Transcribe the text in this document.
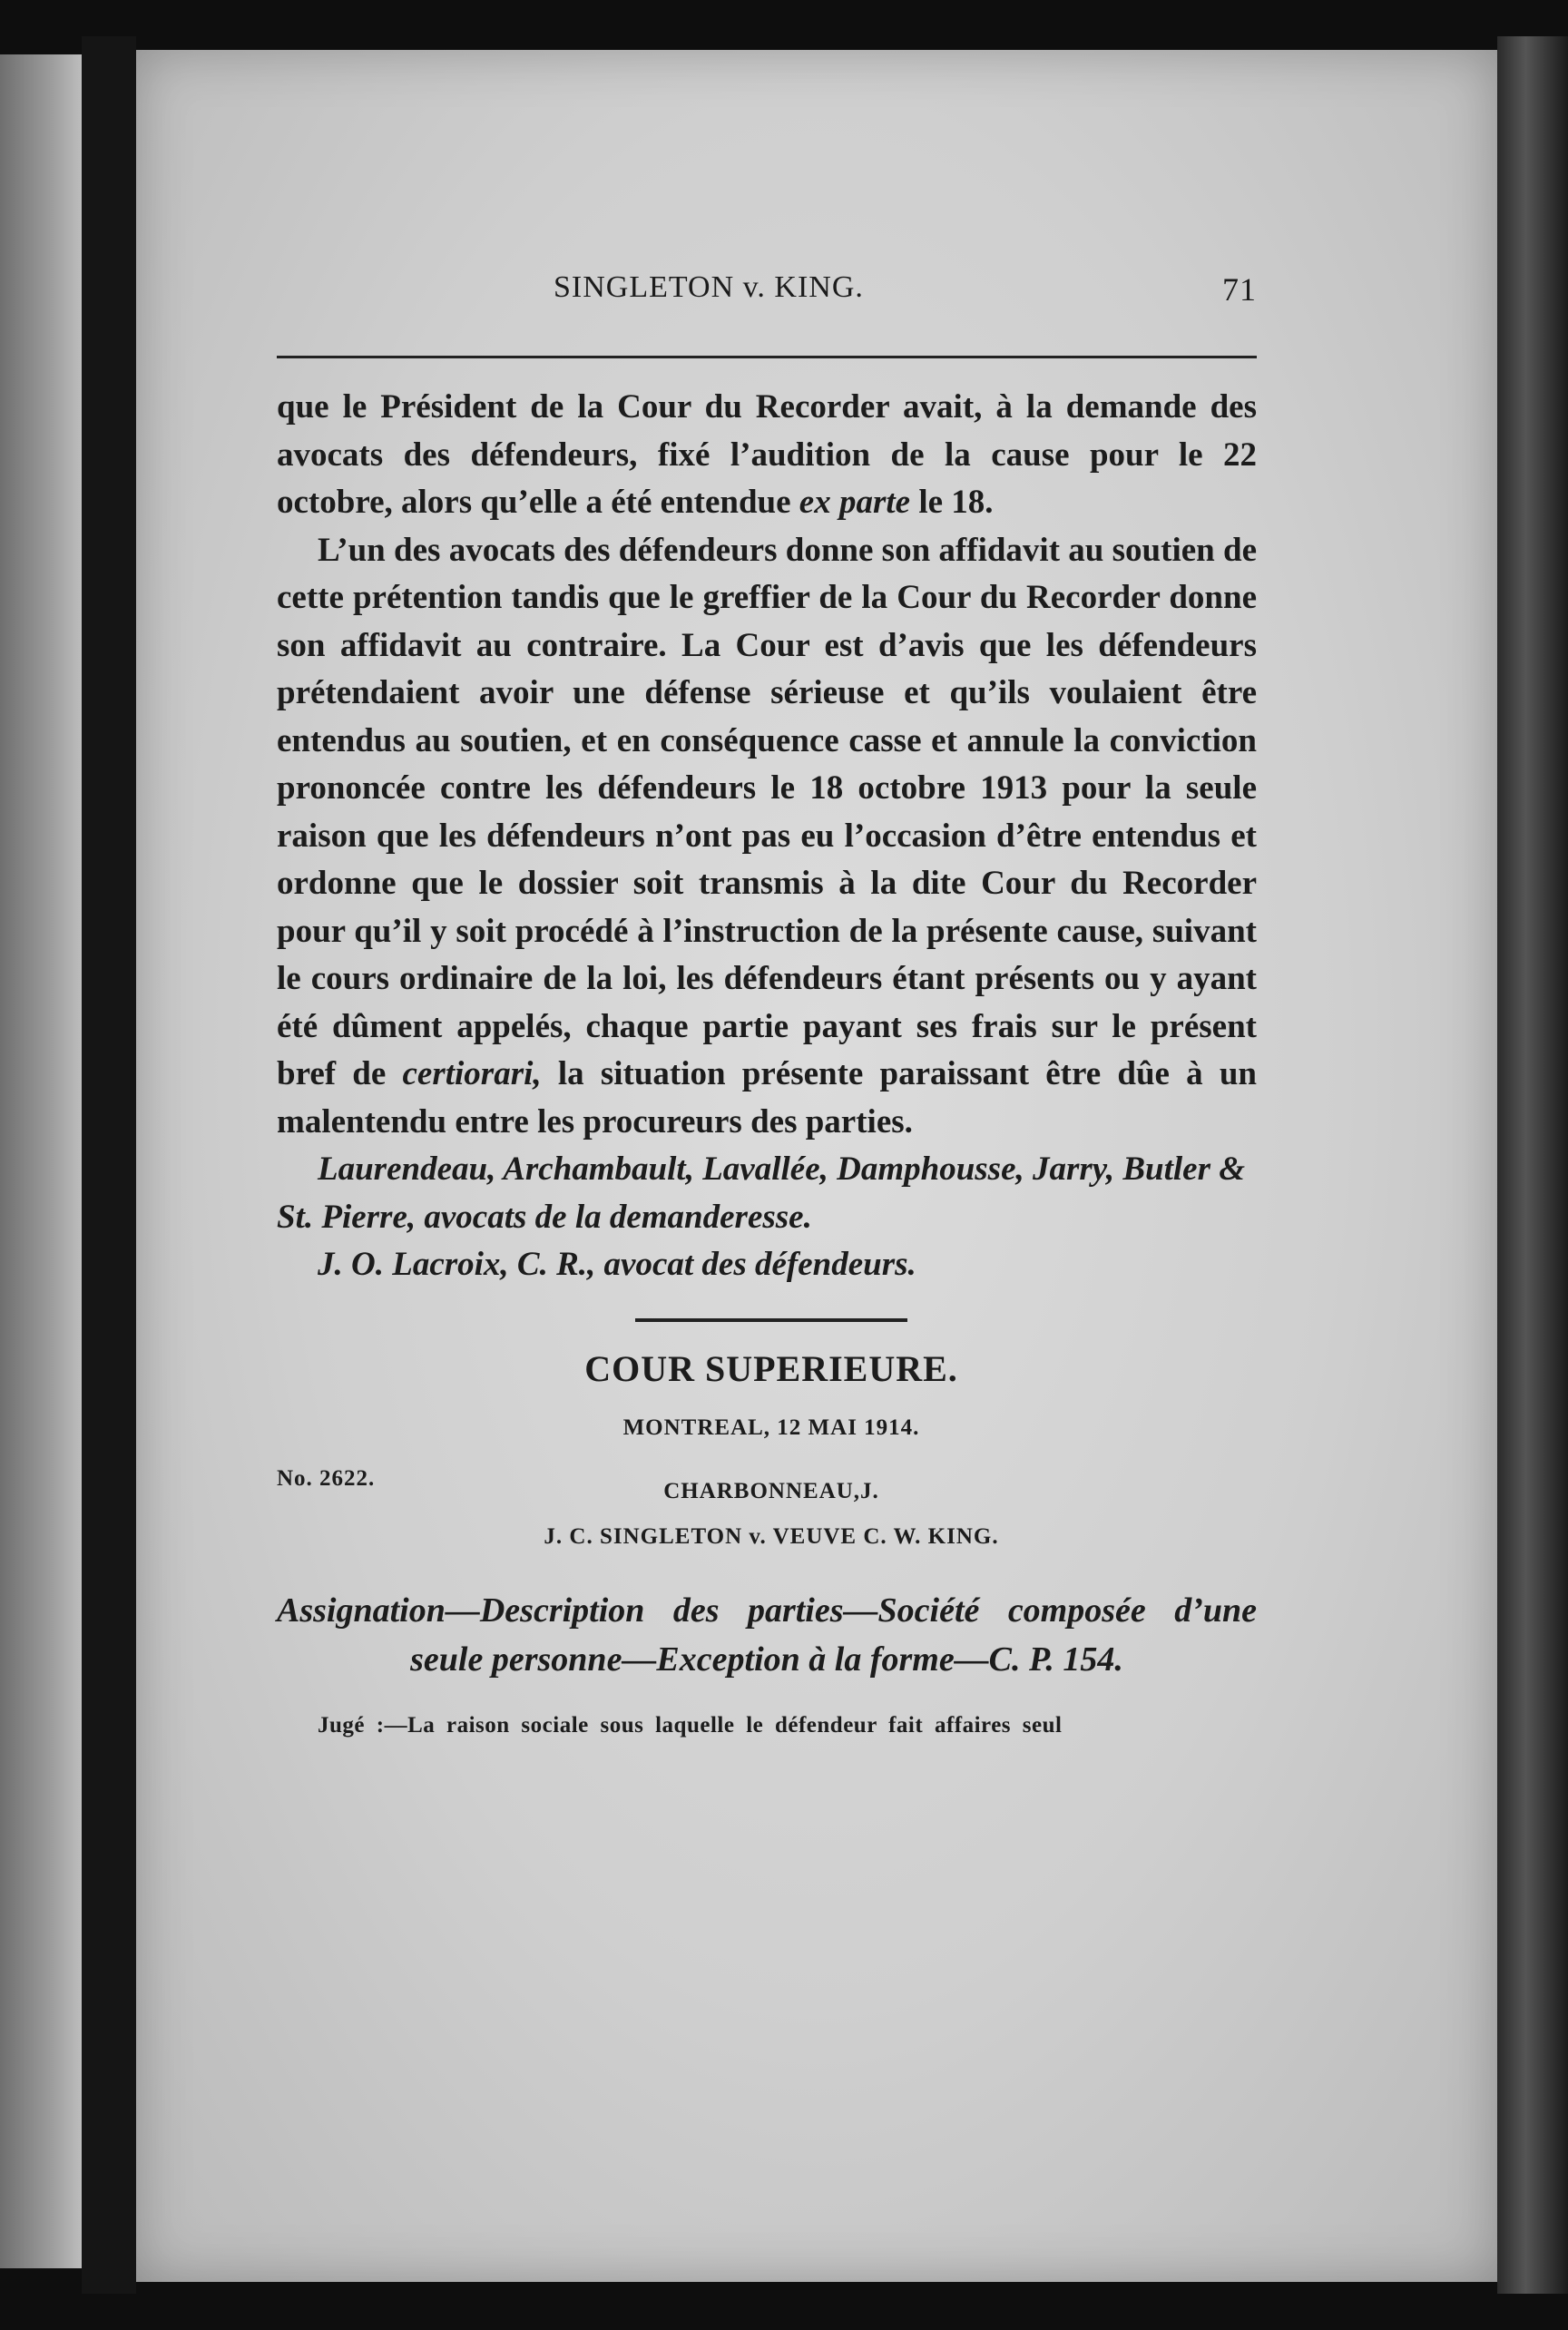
SINGLETON v. KING.	71

que le Président de la Cour du Recorder avait, à la demande des avocats des défendeurs, fixé l’audition de la cause pour le 22 octobre, alors qu’elle a été entendue ex parte le 18.

L’un des avocats des défendeurs donne son affidavit au soutien de cette prétention tandis que le greffier de la Cour du Recorder donne son affidavit au contraire. La Cour est d’avis que les défendeurs prétendaient avoir une défense sérieuse et qu’ils voulaient être entendus au soutien, et en conséquence casse et annule la conviction prononcée contre les défendeurs le 18 octobre 1913 pour la seule raison que les défendeurs n’ont pas eu l’occasion d’être entendus et ordonne que le dossier soit transmis à la dite Cour du Recorder pour qu’il y soit procédé à l’instruction de la présente cause, suivant le cours ordinaire de la loi, les défendeurs étant présents ou y ayant été dûment appelés, chaque partie payant ses frais sur le présent bref de certiorari, la situation présente paraissant être dûe à un malentendu entre les procureurs des parties.

Laurendeau, Archambault, Lavallée, Damphousse, Jarry, Butler & St. Pierre, avocats de la demanderesse.

J. O. Lacroix, C. R., avocat des défendeurs.

COUR SUPERIEURE.

MONTREAL, 12 MAI 1914.
No. 2622.
CHARBONNEAU,J.

J. C. SINGLETON v. VEUVE C. W. KING.

Assignation—Description des parties—Société composée d’une seule personne—Exception à la forme—C. P. 154.

Jugé :—La raison sociale sous laquelle le défendeur fait affaires seul
